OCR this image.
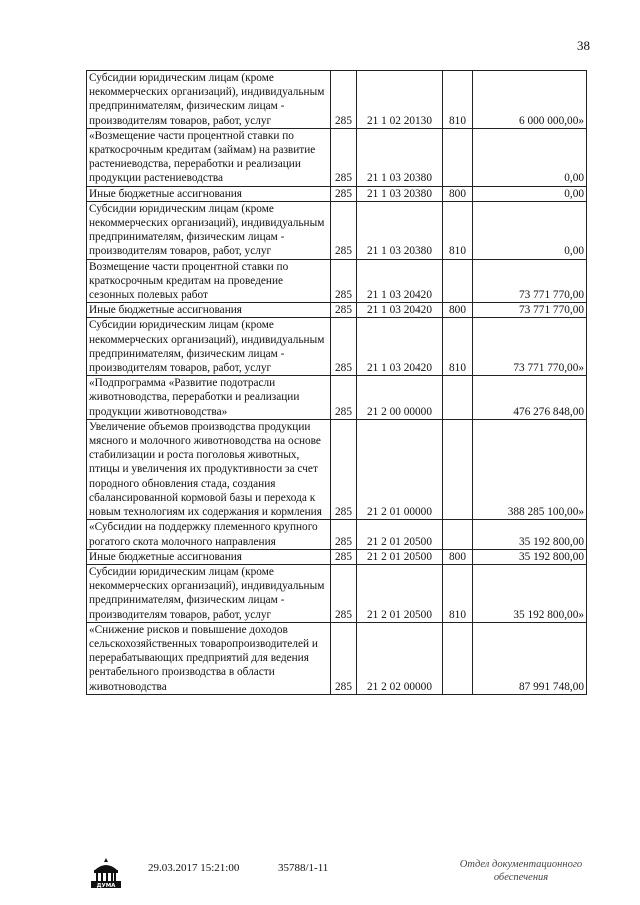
38
Субсидии юридическим лицам (кроме некоммерческих организаций), индивидуальным предпринимателям, физическим лицам - производителям товаров, работ, услуг	285	21 1 02 20130	810	6 000 000,00»
«Возмещение части процентной ставки по краткосрочным кредитам (займам) на развитие растениеводства, переработки и реализации продукции растениеводства	285	21 1 03 20380		0,00
Иные бюджетные ассигнования	285	21 1 03 20380	800	0,00
Субсидии юридическим лицам (кроме некоммерческих организаций), индивидуальным предпринимателям, физическим лицам - производителям товаров, работ, услуг	285	21 1 03 20380	810	0,00
Возмещение части процентной ставки по краткосрочным кредитам на проведение сезонных полевых работ	285	21 1 03 20420		73 771 770,00
Иные бюджетные ассигнования	285	21 1 03 20420	800	73 771 770,00
Субсидии юридическим лицам (кроме некоммерческих организаций), индивидуальным предпринимателям, физическим лицам - производителям товаров, работ, услуг	285	21 1 03 20420	810	73 771 770,00»
«Подпрограмма «Развитие подотрасли животноводства, переработки и реализации продукции животноводства»	285	21 2 00 00000		476 276 848,00
Увеличение объемов производства продукции мясного и молочного животноводства на основе стабилизации и роста поголовья животных, птицы и увеличения их продуктивности за счет породного обновления стада, создания сбалансированной кормовой базы и перехода к новым технологиям их содержания и кормления	285	21 2 01 00000		388 285 100,00»
«Субсидии на поддержку племенного крупного рогатого скота молочного направления	285	21 2 01 20500		35 192 800,00
Иные бюджетные ассигнования	285	21 2 01 20500	800	35 192 800,00
Субсидии юридическим лицам (кроме некоммерческих организаций), индивидуальным предпринимателям, физическим лицам - производителям товаров, работ, услуг	285	21 2 01 20500	810	35 192 800,00»
«Снижение рисков и повышение доходов сельскохозяйственных товаропроизводителей и перерабатывающих предприятий для ведения рентабельного производства в области животноводства	285	21 2 02 00000		87 991 748,00
ДУМА
29.03.2017 15:21:00	35788/1-11	Отдел документационного
обеспечения
